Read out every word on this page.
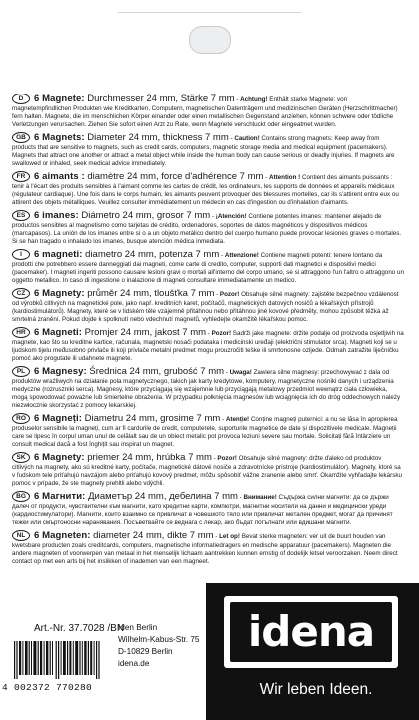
D 6 Magnete: Durchmesser 24 mm, Stärke 7 mm - Achtung! Enthält starke Magnete: von magnetempfindlichen Produkten wie Kreditkarten, Computern, magnetischen Datenträgern und medizinischen Geräten (Herzschrittmacher) fern halten. Magnete, die im menschlichen Körper einander oder einen metallischen Gegenstand anziehen, können schwere oder tödliche Verletzungen verursachen. Ziehen Sie sofort einen Arzt zu Rate, wenn Magnete verschluckt oder eingeatmet wurden.

GB 6 Magnets: Diameter 24 mm, thickness 7 mm - Caution! Contains strong magnets: Keep away from products that are sensitive to magnets, such as credit cards, computers, magnetic storage media and medical equipment (pacemakers). Magnets that attract one another or attract a metal object while inside the human body can cause serious or deadly injuries. If magnets are swallowed or inhaled, seek medical advice immediately.

FR 6 aimants : diamètre 24 mm, force d'adhérence 7 mm - Attention ! Contient des aimants puissants : tenir à l'écart des produits sensibles à l'aimant comme les cartes de crédit, les ordinateurs, les supports de données et appareils médicaux (régulateur cardiaque). Une fois dans le corps humain, les aimants peuvent provoquer des blessures mortelles, car ils s'attirent entre eux ou attirent des objets métalliques. Veuillez consulter immédiatement un médecin en cas d'ingestion ou d'inhalation d'aimants.

ES 6 imanes: Diámetro 24 mm, grosor 7 mm - ¡Atención! Contiene potentes imanes: mantener alejado de productos sensibles al magnetismo como tarjetas de crédito, ordenadores, soportes de datos magnéticos y dispositivos médicos (marcapasos). La unión de los imanes entre sí o a un objeto metálico dentro del cuerpo humano puede provocar lesiones graves o mortales. Si se han tragado o inhalado los imanes, busque atención médica inmediata.

I 6 magneti: diametro 24 mm, potenza 7 mm - Attenzione! Contiene magneti potenti: tenere lontano da prodotti che potrebbero essere danneggiati dai magneti, come carte di credito, computer, supporti dati magnetici e dispositivi medici (pacemaker). I magneti ingeriti possono causare lesioni gravi o mortali all'interno del corpo umano, se si attraggono l'un l'altro o attraggono un oggetto metallico. In caso di ingestione o inalazione di magneti consultare immediatamente un medico.

CZ 6 Magnety: průměr 24 mm, tloušťka 7 mm - Pozor! Obsahuje silné magnety: zajistěte bezpečnou vzdálenost od výrobků citlivých na magnetické pole, jako např. kreditních karet, počítačů, magnetických datových nosičů a lékařských přístrojů (kardiostimulátorů). Magnety, které se v lidském těle vzájemně přitáhnou nebo přitáhnou jiné kovové předměty, mohou způsobit těžká až smrtelná zranění. Pokud dojde k spolknutí nebo vdechnutí magnetů, vyhledejte okamžitě lékařskou pomoc.

HR 6 Magneti: Promjer 24 mm, jakost 7 mm - Pozor! Sadrži jake magnete: držite podalje od proizvoda osjetljivih na magnete, kao što su kreditne kartice, računala, magnetski nosači podataka i medicinski uređaji (električni stimulator srca). Magneti koji se u ljudskom tijelu međusobno privlače ili koji privlače metalni predmet mogu prouzročiti teške ili smrtonosne ozljede. Odmah zatražite liječničku pomoć ako progutate ili udahnete magnete.

PL 6 Magnesy: Średnica 24 mm, grubość 7 mm - Uwaga! Zawiera silne magnesy: przechowywać z dala od produktów wrażliwych na działanie pola magnetycznego, takich jak karty kredytowe, komputery, magnetyczne nośniki danych i urządzenia medyczne (rozruszniki serca). Magnesy, które przyciągają się wzajemnie lub przyciągają metalowy przedmiot wewnątrz ciała człowieka, mogą spowodować poważne lub śmiertelne obrażenia. W przypadku połknięcia magnesów lub wciągnięcia ich do dróg oddechowych należy niezwłocznie skorzystać z pomocy lekarskiej.

RO 6 Magneți: Diametru 24 mm, grosime 7 mm - Atenție! Conține magneți puternici: a nu se lăsa în apropierea produselor sensibile la magneți, cum ar fi cardurile de credit, computerele, suporturile magnetice de date și dispozitivele medicale. Magneții care se lipesc în corpul uman unul de celălalt sau de un obiect metalic pot provoca leziuni severe sau mortale. Solicitați fără întârziere un consult medical dacă a fost înghițit sau inspirat un magnet.

SK 6 Magnety: priemer 24 mm, hrúbka 7 mm - Pozor! Obsahuje silné magnety: držte ďaleko od produktov citlivých na magnety, ako sú kreditné karty, počítače, magnetické dátové nosiče a zdravotnícke prístroje (kardiostimulátor). Magnety, ktoré sa v ľudskom tele príťahujú navzájom alebo priťahujú kovový predmet, môžu spôsobiť vážne zranenie alebo smrť. Okamžite vyhľadajte lekársku pomoc v prípade, že ste magnety prehltli alebo vdýchli.

BG 6 Магнити: Диаметър 24 mm, дебелина 7 mm - Внимание! Съдържа силни магнити: да се държи далеч от продукти, чувствителни към магнити, като кредитни карти, компютри, магнитни носители на данни и медицински уреди (кардиостимулатори). Магнити, които взаимно се привличат в човешкото тяло или привличат метален предмет, могат да причинят тежки или смъртоносни наранявания. Посъветвайте се веднага с лекар, ако бъдат погълнати или вдишани магнити.

NL 6 Magneten: diameter 24 mm, dikte 7 mm - Let op! Bevat sterke magneten: ver uit de buurt houden van kwetsbare producten zoals creditcards, computers, magnetische informatiedragers en medische apparatuur (pacemakers). Magneten die andere magneten of voorwerpen van metaal in het menselijk lichaam aantrekken kunnen ernstig of dodelijk letsel veroorzaken. Neem direct contact op met een arts bij het inslikken of inademen van een magneet.

Art.-Nr. 37.7028 /BN
Iden Berlin
Wilhelm-Kabus-Str. 75
D-10829 Berlin
idena.de
4 002372 770280
idena
Wir leben Ideen.
